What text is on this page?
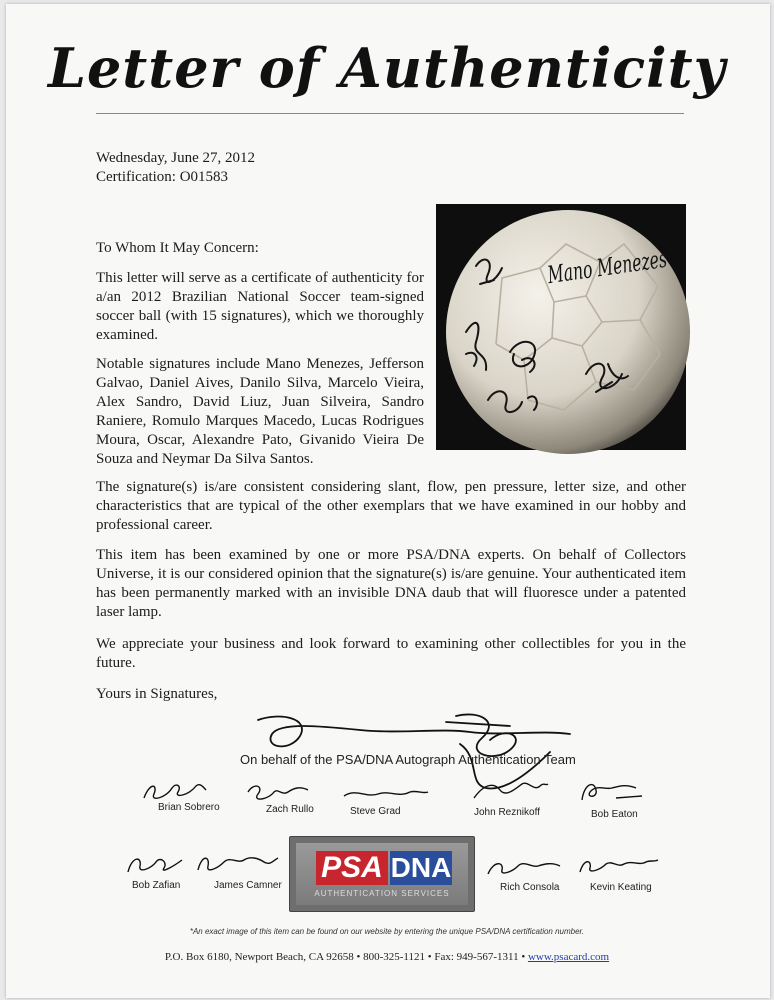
Letter of Authenticity
Wednesday, June 27, 2012
Certification: O01583
To Whom It May Concern:

This letter will serve as a certificate of authenticity for a/an 2012 Brazilian National Soccer team-signed soccer ball (with 15 signatures), which we thoroughly examined.

Notable signatures include Mano Menezes, Jefferson Galvao, Daniel Aives, Danilo Silva, Marcelo Vieira, Alex Sandro, David Liuz, Juan Silveira, Sandro Raniere, Romulo Marques Macedo, Lucas Rodrigues Moura, Oscar, Alexandre Pato, Givanido Vieira De Souza and Neymar Da Silva Santos.

Mano Menezes

The signature(s) is/are consistent considering slant, flow, pen pressure, letter size, and other characteristics that are typical of the other exemplars that we have examined in our hobby and professional career.

This item has been examined by one or more PSA/DNA experts. On behalf of Collectors Universe, it is our considered opinion that the signature(s) is/are genuine. Your authenticated item has been permanently marked with an invisible DNA daub that will fluoresce under a patented laser lamp.

We appreciate your business and look forward to examining other collectibles for you in the future.

Yours in Signatures,
On behalf of the PSA/DNA Autograph Authentication Team
Brian Sobrero	Zach Rullo	Steve Grad	John Reznikoff	Bob Eaton
Bob Zafian	James Camner
PSA DNA
AUTHENTICATION SERVICES
Rich Consola	Kevin Keating
*An exact image of this item can be found on our website by entering the unique PSA/DNA certification number.
P.O. Box 6180, Newport Beach, CA 92658 • 800-325-1121 • Fax: 949-567-1311 • www.psacard.com
